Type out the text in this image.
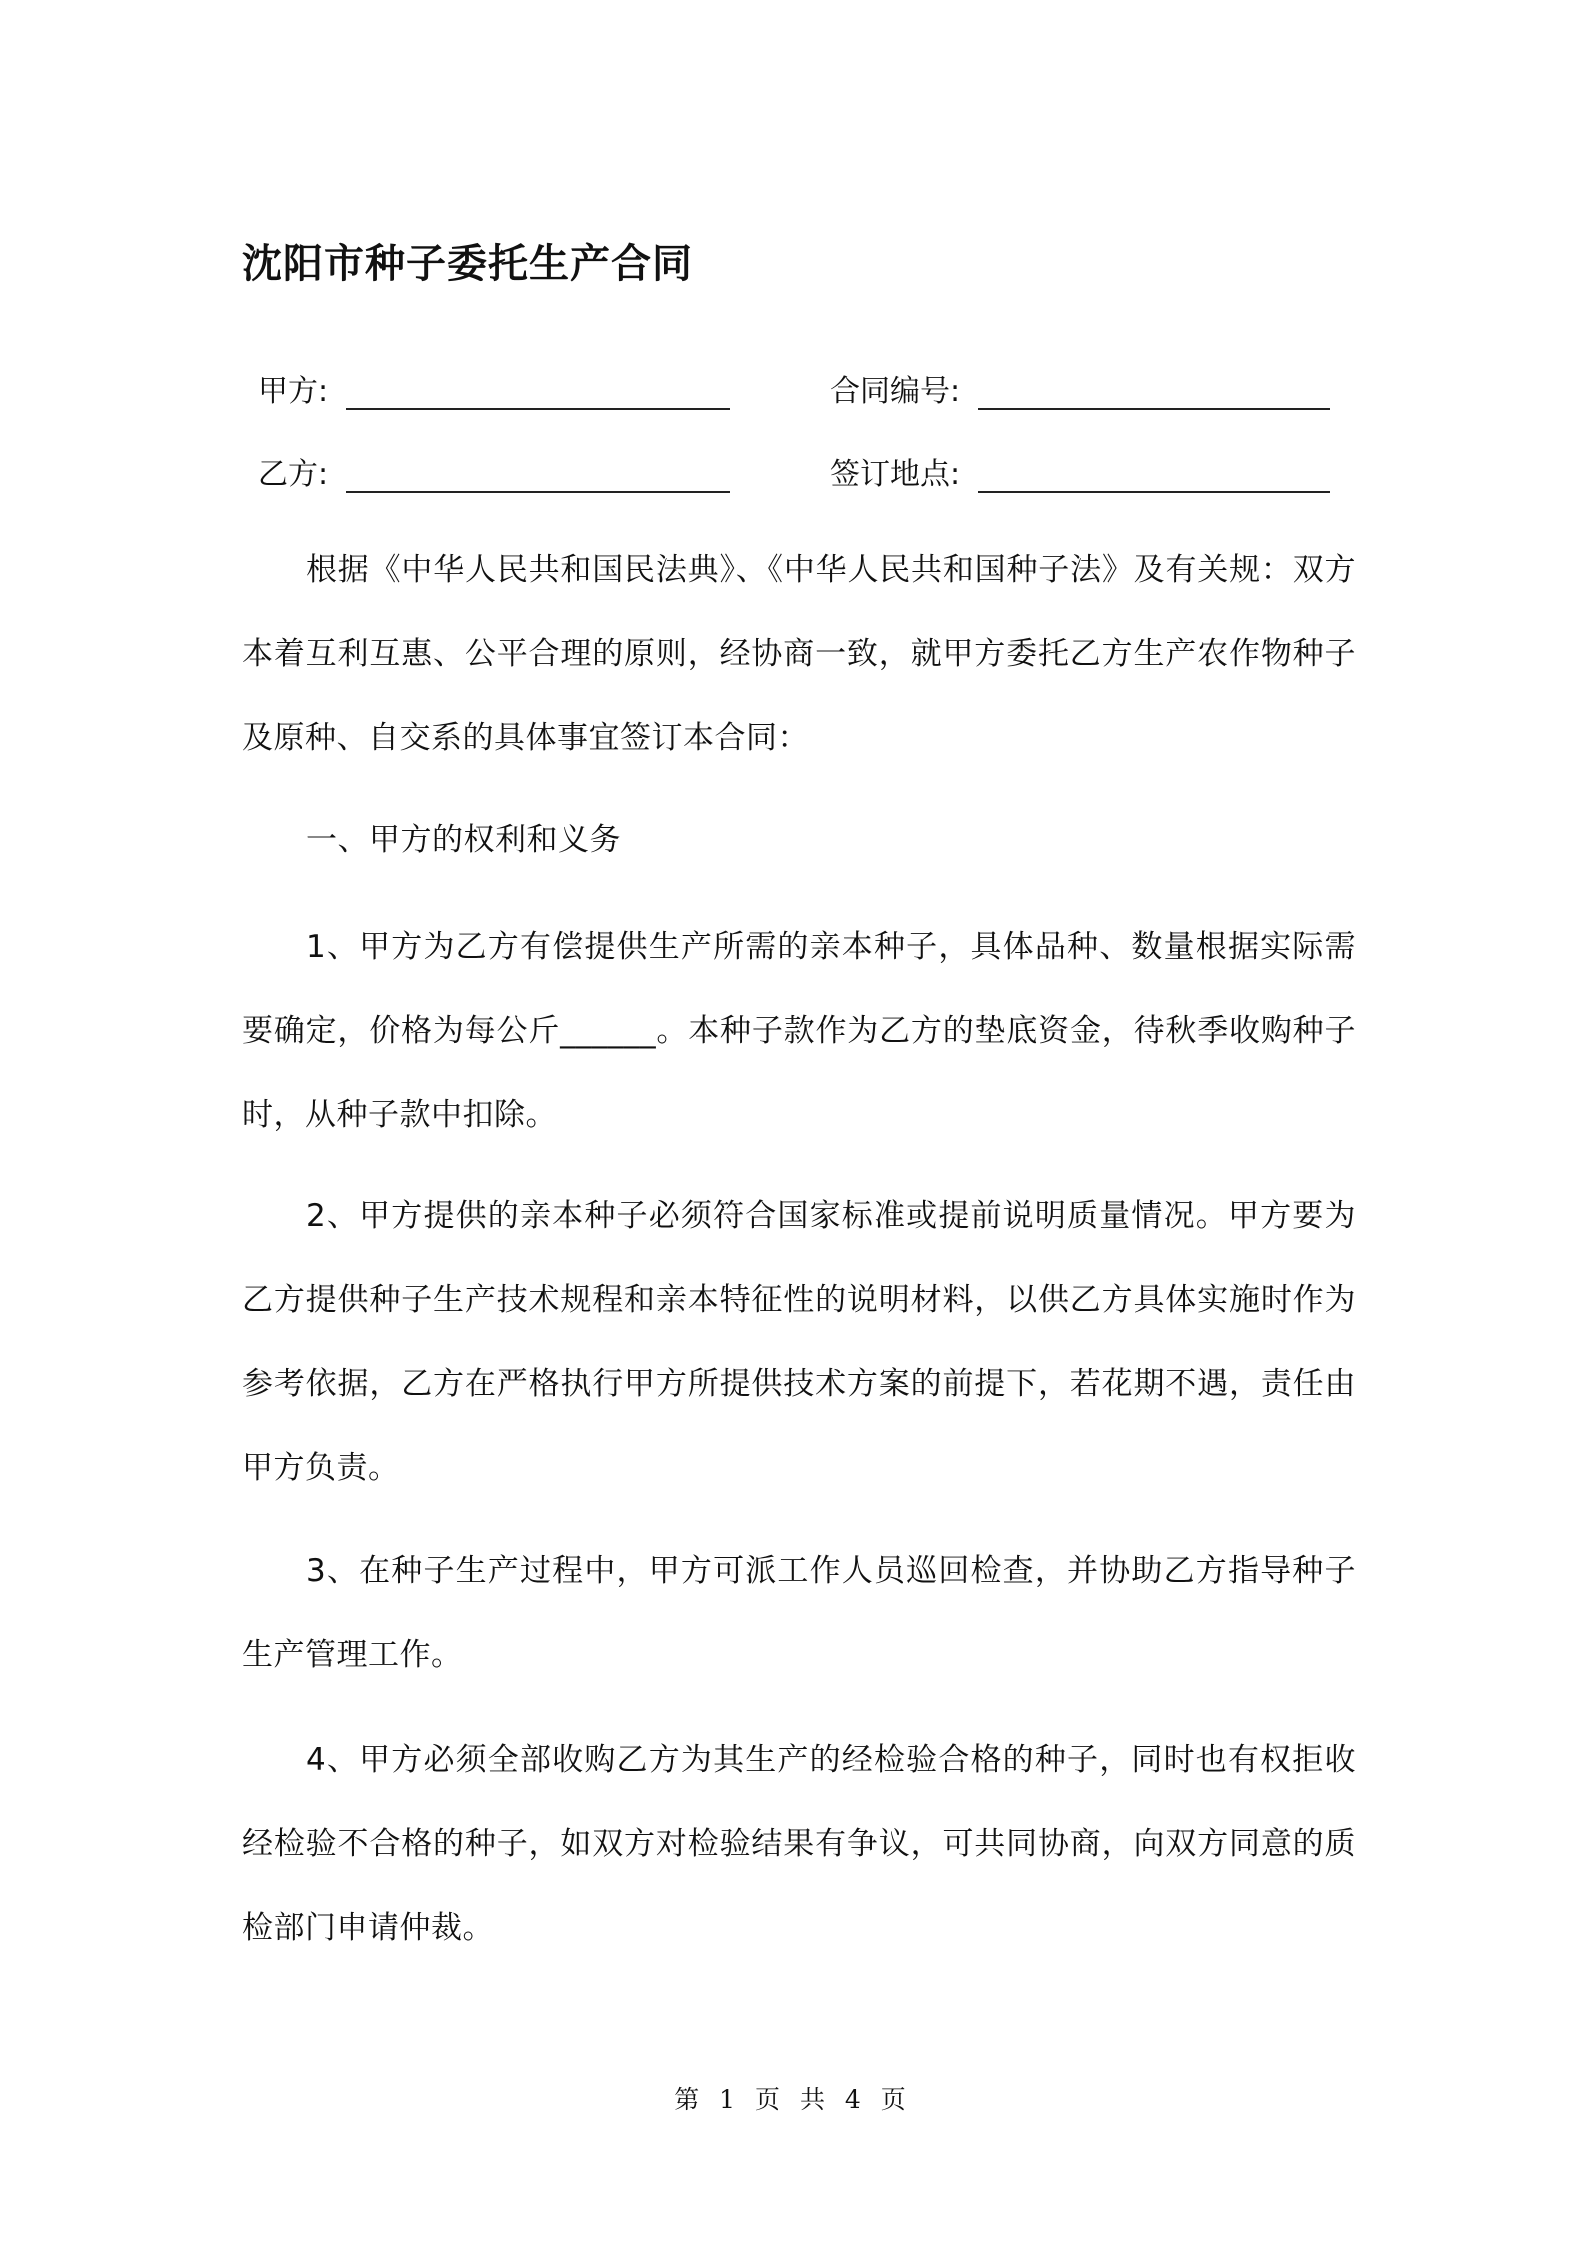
沈阳市种子委托生产合同
甲方:	合同编号:
乙方:	签订地点:
根据《中华人民共和国民法典》、《中华人民共和国种子法》及有关规：双方本着互利互惠、公平合理的原则，经协商一致，就甲方委托乙方生产农作物种子及原种、自交系的具体事宜签订本合同：
一、甲方的权利和义务
1、甲方为乙方有偿提供生产所需的亲本种子，具体品种、数量根据实际需要确定，价格为每公斤______。本种子款作为乙方的垫底资金，待秋季收购种子时，从种子款中扣除。
2、甲方提供的亲本种子必须符合国家标准或提前说明质量情况。甲方要为乙方提供种子生产技术规程和亲本特征性的说明材料，以供乙方具体实施时作为参考依据，乙方在严格执行甲方所提供技术方案的前提下，若花期不遇，责任由甲方负责。
3、在种子生产过程中，甲方可派工作人员巡回检查，并协助乙方指导种子生产管理工作。
4、甲方必须全部收购乙方为其生产的经检验合格的种子，同时也有权拒收经检验不合格的种子，如双方对检验结果有争议，可共同协商，向双方同意的质检部门申请仲裁。
第 1 页 共 4 页
